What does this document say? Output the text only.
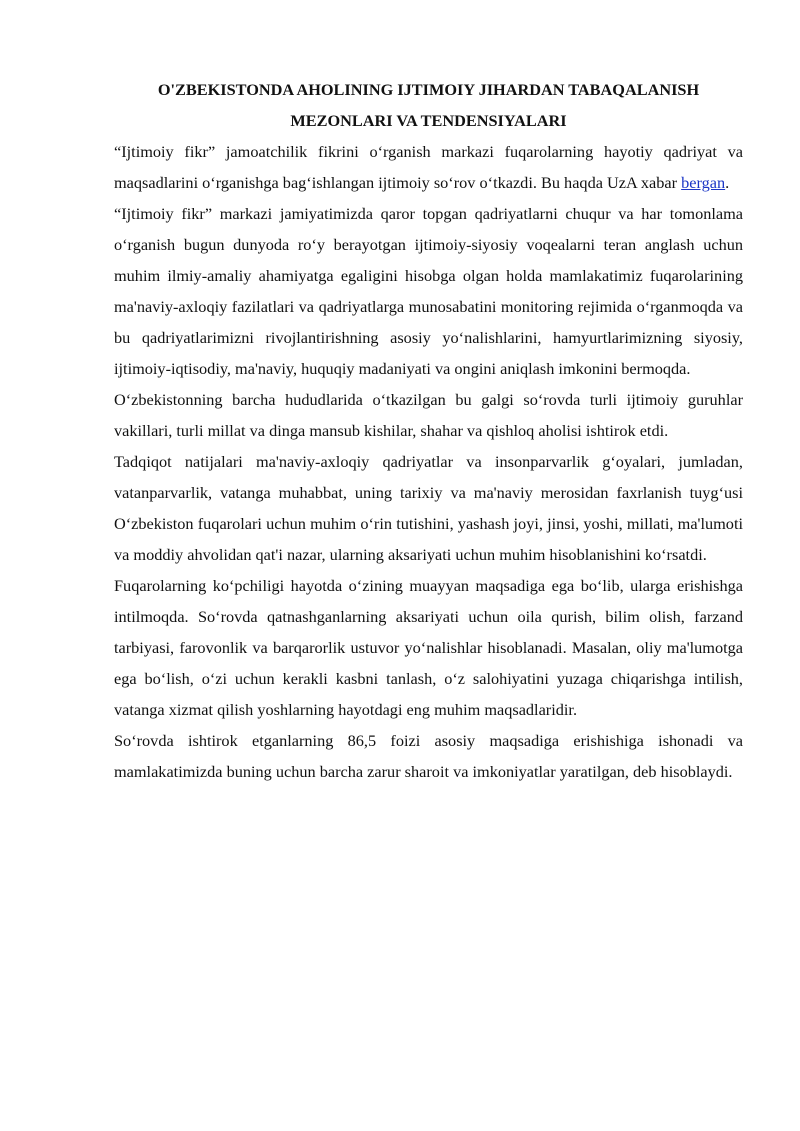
O'ZBEKISTONDA AHOLINING IJTIMOIY JIHARDAN TABAQALANISH
MEZONLARI VA TENDENSIYALARI

“Ijtimoiy fikr” jamoatchilik fikrini o‘rganish markazi fuqarolarning hayotiy qadriyat va maqsadlarini o‘rganishga bag‘ishlangan ijtimoiy so‘rov o‘tkazdi. Bu haqda UzA xabar bergan.

“Ijtimoiy fikr” markazi jamiyatimizda qaror topgan qadriyatlarni chuqur va har tomonlama o‘rganish bugun dunyoda ro‘y berayotgan ijtimoiy-siyosiy voqealarni teran anglash uchun muhim ilmiy-amaliy ahamiyatga egaligini hisobga olgan holda mamlakatimiz fuqarolarining ma'naviy-axloqiy fazilatlari va qadriyatlarga munosabatini monitoring rejimida o‘rganmoqda va bu qadriyatlarimizni rivojlantirishning asosiy yo‘nalishlarini, hamyurtlarimizning siyosiy, ijtimoiy-iqtisodiy, ma'naviy, huquqiy madaniyati va ongini aniqlash imkonini bermoqda.

O‘zbekistonning barcha hududlarida o‘tkazilgan bu galgi so‘rovda turli ijtimoiy guruhlar vakillari, turli millat va dinga mansub kishilar, shahar va qishloq aholisi ishtirok etdi.

Tadqiqot natijalari ma'naviy-axloqiy qadriyatlar va insonparvarlik g‘oyalari, jumladan, vatanparvarlik, vatanga muhabbat, uning tarixiy va ma'naviy merosidan faxrlanish tuyg‘usi O‘zbekiston fuqarolari uchun muhim o‘rin tutishini, yashash joyi, jinsi, yoshi, millati, ma'lumoti va moddiy ahvolidan qat'i nazar, ularning aksariyati uchun muhim hisoblanishini ko‘rsatdi.

Fuqarolarning ko‘pchiligi hayotda o‘zining muayyan maqsadiga ega bo‘lib, ularga erishishga intilmoqda. So‘rovda qatnashganlarning aksariyati uchun oila qurish, bilim olish, farzand tarbiyasi, farovonlik va barqarorlik ustuvor yo‘nalishlar hisoblanadi. Masalan, oliy ma'lumotga ega bo‘lish, o‘zi uchun kerakli kasbni tanlash, o‘z salohiyatini yuzaga chiqarishga intilish, vatanga xizmat qilish yoshlarning hayotdagi eng muhim maqsadlaridir.

So‘rovda ishtirok etganlarning 86,5 foizi asosiy maqsadiga erishishiga ishonadi va mamlakatimizda buning uchun barcha zarur sharoit va imkoniyatlar yaratilgan, deb hisoblaydi.
